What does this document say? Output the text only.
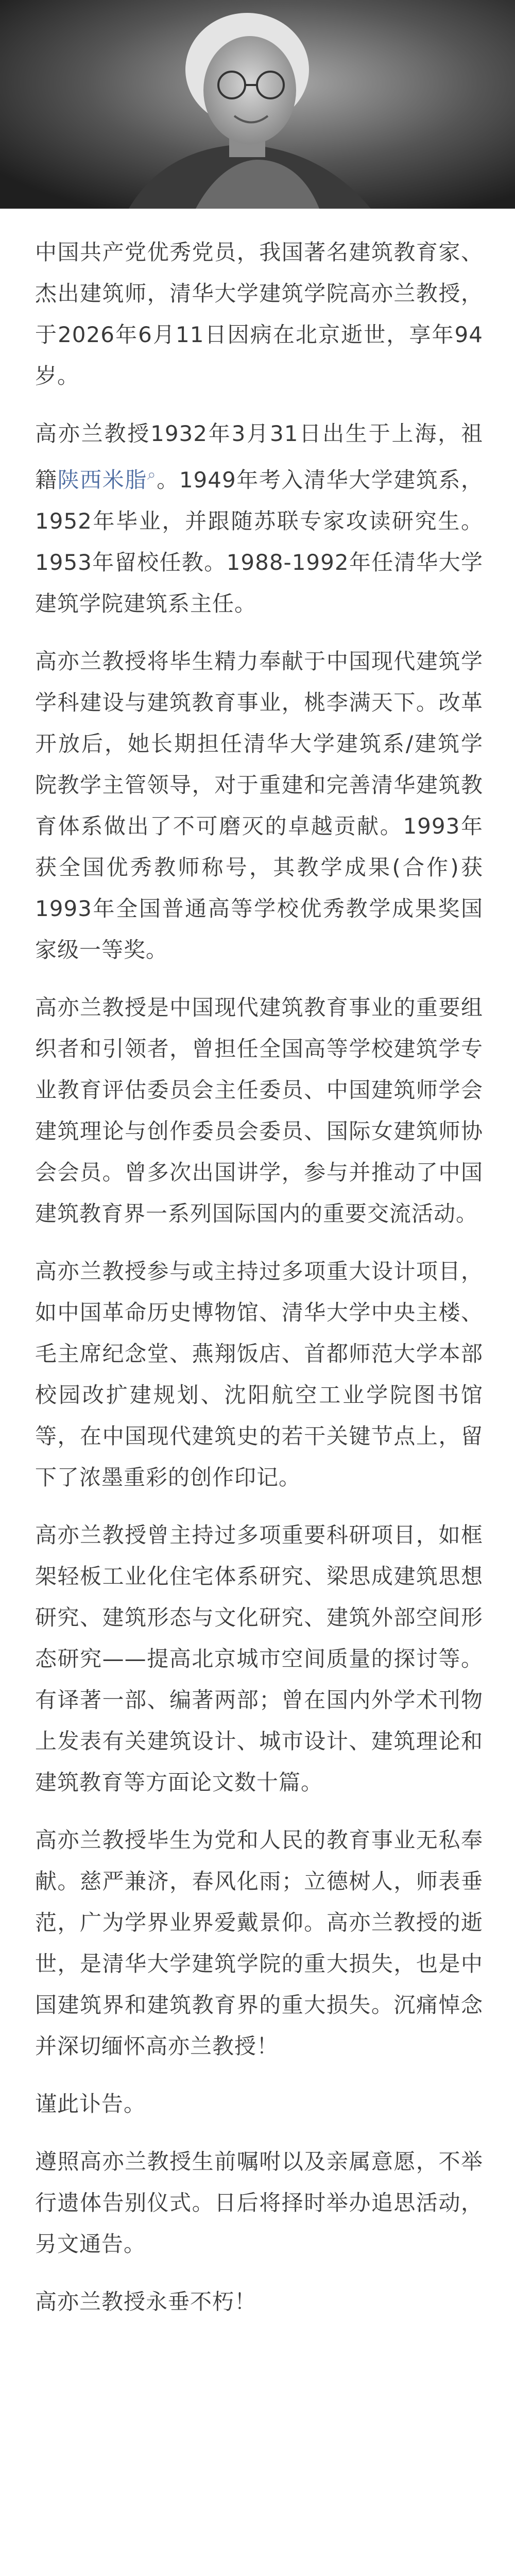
中国共产党优秀党员，我国著名建筑教育家、杰出建筑师，清华大学建筑学院高亦兰教授，于2026年6月11日因病在北京逝世，享年94岁。

高亦兰教授1932年3月31日出生于上海，祖籍陕西米脂⌕。1949年考入清华大学建筑系，1952年毕业，并跟随苏联专家攻读研究生。1953年留校任教。1988-1992年任清华大学建筑学院建筑系主任。

高亦兰教授将毕生精力奉献于中国现代建筑学学科建设与建筑教育事业，桃李满天下。改革开放后，她长期担任清华大学建筑系/建筑学院教学主管领导，对于重建和完善清华建筑教育体系做出了不可磨灭的卓越贡献。1993年获全国优秀教师称号，其教学成果(合作)获1993年全国普通高等学校优秀教学成果奖国家级一等奖。

高亦兰教授是中国现代建筑教育事业的重要组织者和引领者，曾担任全国高等学校建筑学专业教育评估委员会主任委员、中国建筑师学会建筑理论与创作委员会委员、国际女建筑师协会会员。曾多次出国讲学，参与并推动了中国建筑教育界一系列国际国内的重要交流活动。

高亦兰教授参与或主持过多项重大设计项目，如中国革命历史博物馆、清华大学中央主楼、毛主席纪念堂、燕翔饭店、首都师范大学本部校园改扩建规划、沈阳航空工业学院图书馆等，在中国现代建筑史的若干关键节点上，留下了浓墨重彩的创作印记。

高亦兰教授曾主持过多项重要科研项目，如框架轻板工业化住宅体系研究、梁思成建筑思想研究、建筑形态与文化研究、建筑外部空间形态研究——提高北京城市空间质量的探讨等。有译著一部、编著两部；曾在国内外学术刊物上发表有关建筑设计、城市设计、建筑理论和建筑教育等方面论文数十篇。

高亦兰教授毕生为党和人民的教育事业无私奉献。慈严兼济，春风化雨；立德树人，师表垂范，广为学界业界爱戴景仰。高亦兰教授的逝世，是清华大学建筑学院的重大损失，也是中国建筑界和建筑教育界的重大损失。沉痛悼念并深切缅怀高亦兰教授！

谨此讣告。

遵照高亦兰教授生前嘱咐以及亲属意愿，不举行遗体告别仪式。日后将择时举办追思活动，另文通告。

高亦兰教授永垂不朽！
